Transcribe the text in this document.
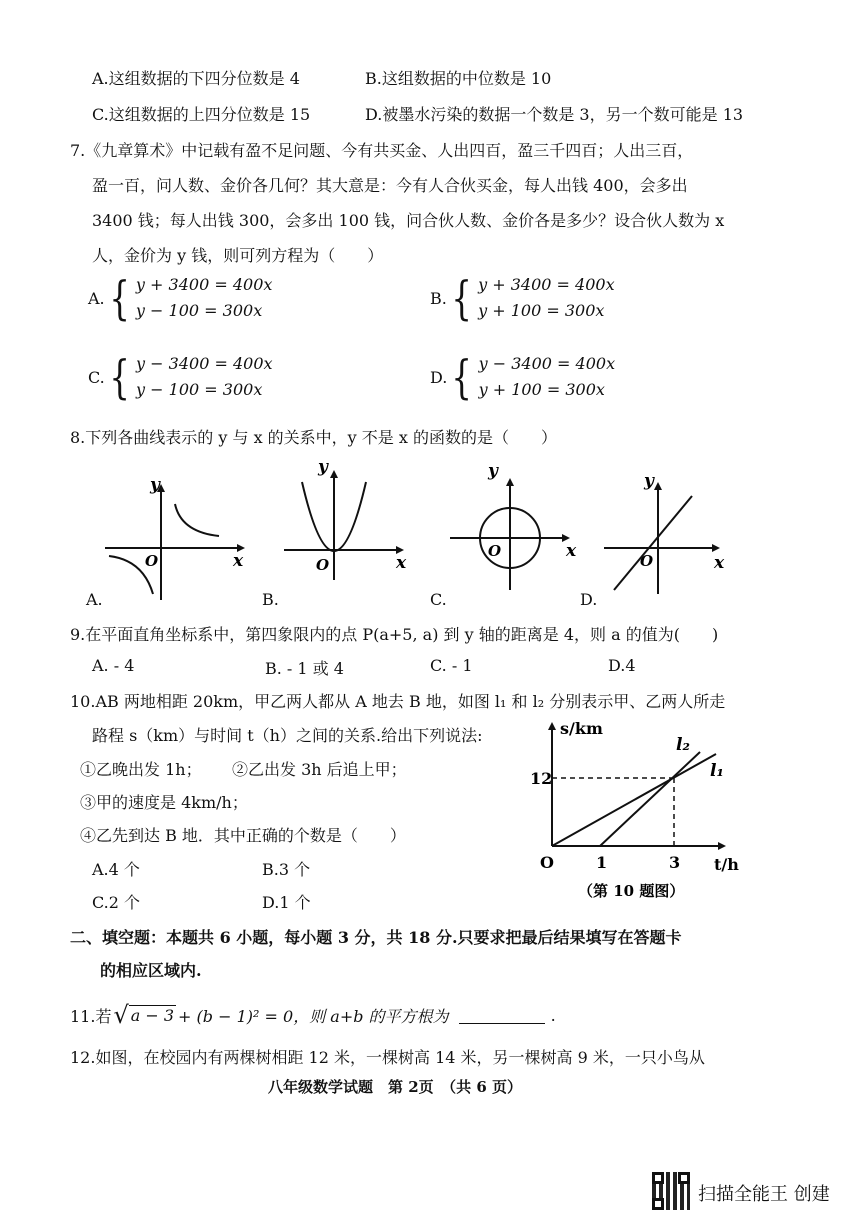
A.这组数据的下四分位数是 4	B.这组数据的中位数是 10
C.这组数据的上四分位数是 15	D.被墨水污染的数据一个数是 3，另一个数可能是 13
7.《九章算术》中记载有盈不足问题、今有共买金、人出四百，盈三千四百；人出三百，
盈一百，问人数、金价各几何？其大意是：今有人合伙买金，每人出钱 400，会多出
3400 钱；每人出钱 300，会多出 100 钱，问合伙人数、金价各是多少？设合伙人数为 x
人，金价为 y 钱，则可列方程为（　　）
A. { y + 3400 = 400x
y − 100 = 300x
B. { y + 3400 = 400x
y + 100 = 300x
C. { y − 3400 = 400x
y − 100 = 300x
D. { y − 3400 = 400x
y + 100 = 300x
8.下列各曲线表示的 y 与 x 的关系中，y 不是 x 的函数的是（　　）
y
x
O
A.
y
x
O
B.
y
x
O
C.
y
x
O
D.
9.在平面直角坐标系中，第四象限内的点 P(a+5, a) 到 y 轴的距离是 4，则 a 的值为(　　)
A. - 4	B. - 1 或 4	C. - 1	D.4
10.AB 两地相距 20km，甲乙两人都从 A 地去 B 地，如图 l₁ 和 l₂ 分别表示甲、乙两人所走
路程 s（km）与时间 t（h）之间的关系.给出下列说法:
①乙晚出发 1h； ②乙出发 3h 后追上甲；
③甲的速度是 4km/h；
④乙先到达 B 地．其中正确的个数是（　　）
A.4 个	B.3 个
C.2 个	D.1 个
s/km
t/h
O
12
1	3
l₂
l₁
（第 10 题图）
二、填空题：本题共 6 小题，每小题 3 分，共 18 分.只要求把最后结果填写在答题卡
的相应区域内.
11.若 √ a − 3 + (b − 1)² = 0，则 a+b 的平方根为	.
12.如图，在校园内有两棵树相距 12 米，一棵树高 14 米，另一棵树高 9 米，一只小鸟从
八年级数学试题　第 2页　（共 6 页）
扫描全能王 创建
